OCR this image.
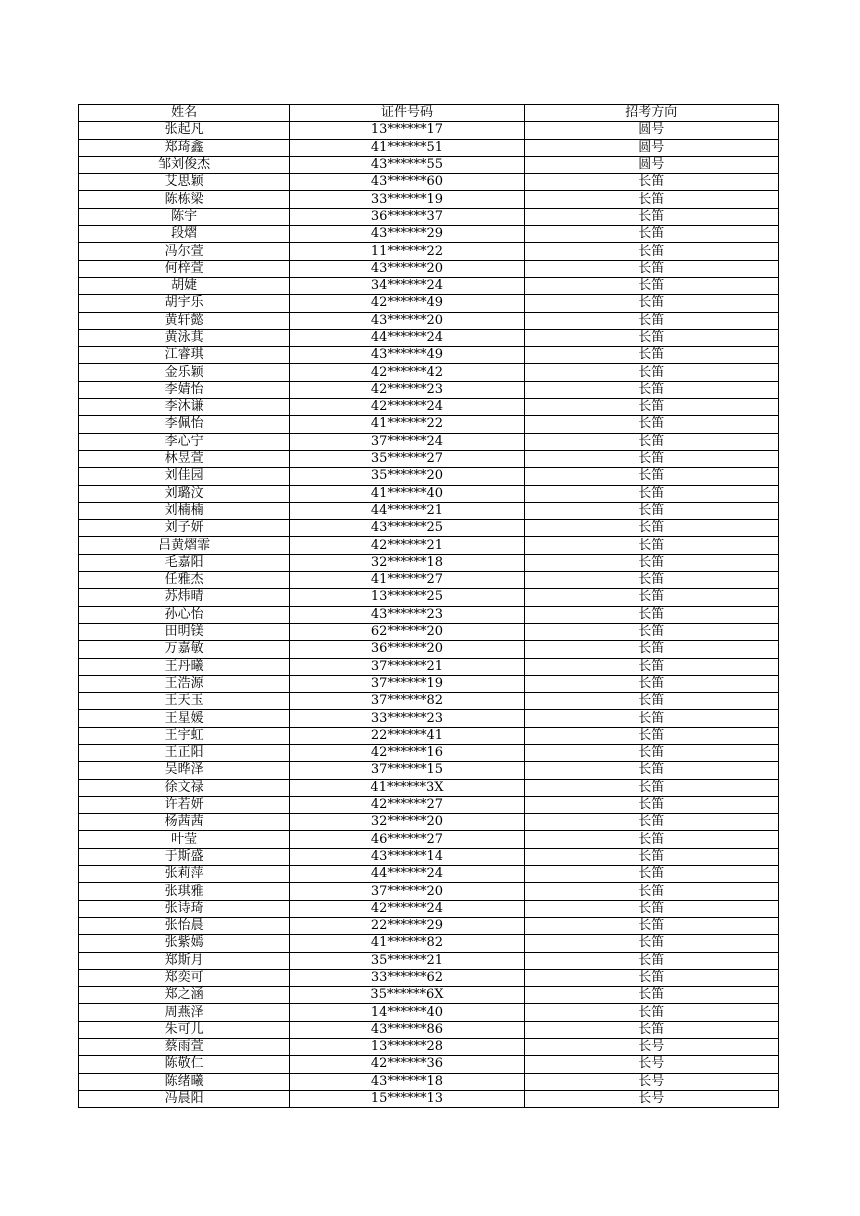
姓名	证件号码	招考方向
张起凡	13******17	圆号
郑琦鑫	41******51	圆号
邹刘俊杰	43******55	圆号
艾思颖	43******60	长笛
陈栋梁	33******19	长笛
陈宇	36******37	长笛
段熠	43******29	长笛
冯尔萱	11******22	长笛
何梓萱	43******20	长笛
胡婕	34******24	长笛
胡宇乐	42******49	长笛
黄轩懿	43******20	长笛
黄泳萁	44******24	长笛
江睿琪	43******49	长笛
金乐颖	42******42	长笛
李婧怡	42******23	长笛
李沐谦	42******24	长笛
李佩怡	41******22	长笛
李心宁	37******24	长笛
林昱萱	35******27	长笛
刘佳园	35******20	长笛
刘璐汶	41******40	长笛
刘楠楠	44******21	长笛
刘子妍	43******25	长笛
吕黄熠霏	42******21	长笛
毛嘉阳	32******18	长笛
任雅杰	41******27	长笛
苏炜晴	13******25	长笛
孙心怡	43******23	长笛
田明镁	62******20	长笛
万嘉敏	36******20	长笛
王丹曦	37******21	长笛
王浩源	37******19	长笛
王天玉	37******82	长笛
王星媛	33******23	长笛
王宇虹	22******41	长笛
王正阳	42******16	长笛
吴晔泽	37******15	长笛
徐文禄	41******3X	长笛
许若妍	42******27	长笛
杨茜茜	32******20	长笛
叶莹	46******27	长笛
于斯盛	43******14	长笛
张莉萍	44******24	长笛
张琪雅	37******20	长笛
张诗琦	42******24	长笛
张怡晨	22******29	长笛
张紫嫣	41******82	长笛
郑斯月	35******21	长笛
郑奕可	33******62	长笛
郑之涵	35******6X	长笛
周燕泽	14******40	长笛
朱可儿	43******86	长笛
蔡雨萱	13******28	长号
陈敬仁	42******36	长号
陈绪曦	43******18	长号
冯晨阳	15******13	长号
